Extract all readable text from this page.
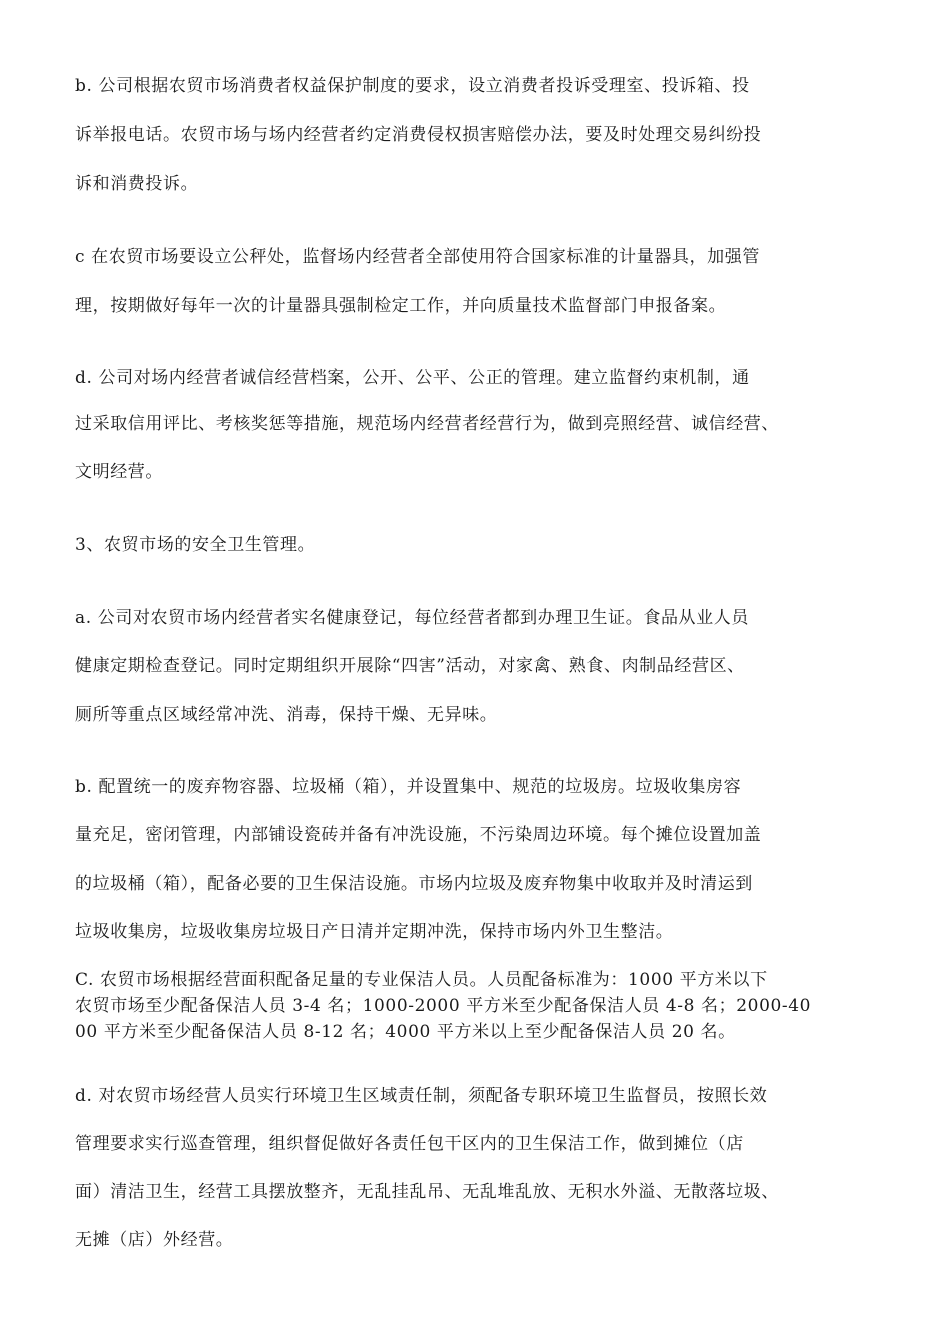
b. 公司根据农贸市场消费者权益保护制度的要求，设立消费者投诉受理室、投诉箱、投

诉举报电话。农贸市场与场内经营者约定消费侵权损害赔偿办法，要及时处理交易纠纷投

诉和消费投诉。

c 在农贸市场要设立公秤处，监督场内经营者全部使用符合国家标准的计量器具，加强管

理，按期做好每年一次的计量器具强制检定工作，并向质量技术监督部门申报备案。

d. 公司对场内经营者诚信经营档案，公开、公平、公正的管理。建立监督约束机制，通

过采取信用评比、考核奖惩等措施，规范场内经营者经营行为，做到亮照经营、诚信经营、

文明经营。

3、农贸市场的安全卫生管理。

a. 公司对农贸市场内经营者实名健康登记，每位经营者都到办理卫生证。食品从业人员

健康定期检查登记。同时定期组织开展除“四害”活动，对家禽、熟食、肉制品经营区、

厕所等重点区域经常冲洗、消毒，保持干燥、无异味。

b. 配置统一的废弃物容器、垃圾桶（箱），并设置集中、规范的垃圾房。垃圾收集房容

量充足，密闭管理，内部铺设瓷砖并备有冲洗设施，不污染周边环境。每个摊位设置加盖

的垃圾桶（箱），配备必要的卫生保洁设施。市场内垃圾及废弃物集中收取并及时清运到

垃圾收集房，垃圾收集房垃圾日产日清并定期冲洗，保持市场内外卫生整洁。

C. 农贸市场根据经营面积配备足量的专业保洁人员。人员配备标准为：1000 平方米以下

农贸市场至少配备保洁人员 3-4 名；1000-2000 平方米至少配备保洁人员 4-8 名；2000-40

00 平方米至少配备保洁人员 8-12 名；4000 平方米以上至少配备保洁人员 20 名。

d. 对农贸市场经营人员实行环境卫生区域责任制，须配备专职环境卫生监督员，按照长效

管理要求实行巡查管理，组织督促做好各责任包干区内的卫生保洁工作，做到摊位（店

面）清洁卫生，经营工具摆放整齐，无乱挂乱吊、无乱堆乱放、无积水外溢、无散落垃圾、

无摊（店）外经营。
